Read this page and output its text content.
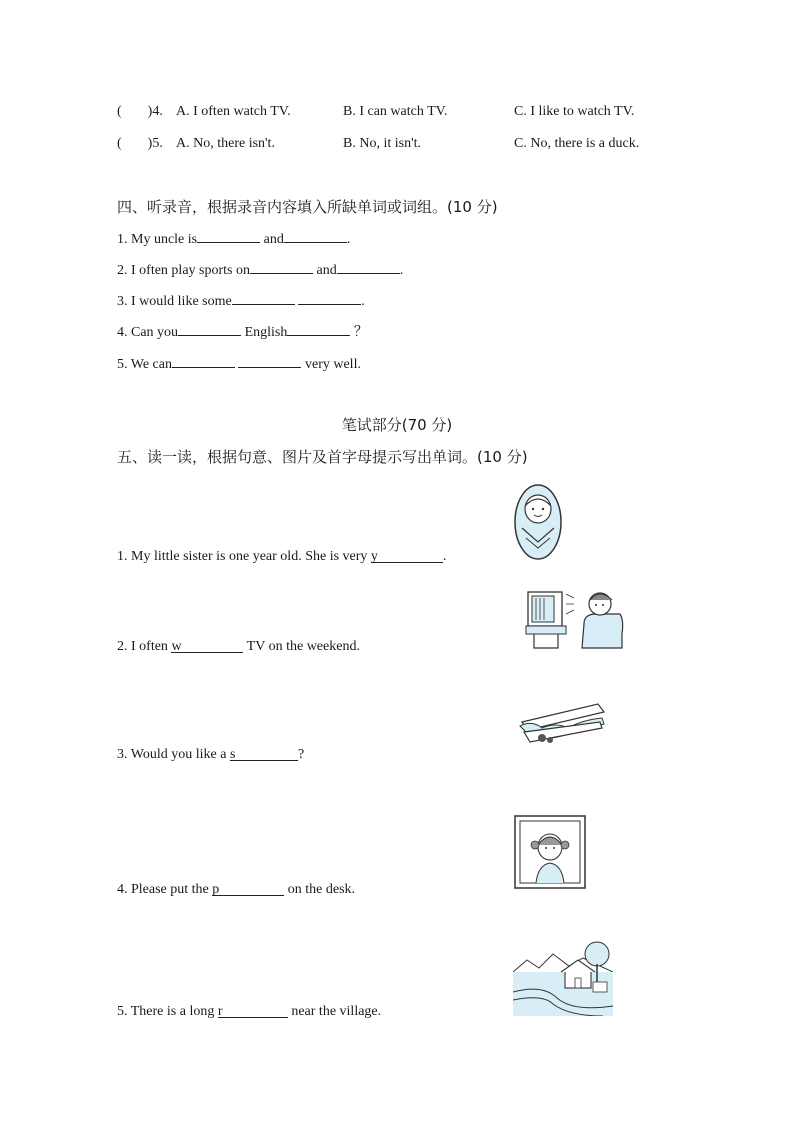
( )4. A. I often watch TV.	B. I can watch TV.	C. I like to watch TV.
( )5. A. No, there isn't.	B. No, it isn't.	C. No, there is a duck.
四、听录音，根据录音内容填入所缺单词或词组。(10 分)
1. My uncle is	and	.
2. I often play sports on	and	.
3. I would like some	.
4. Can you	English	？
5. We can	very well.
笔试部分(70 分)
五、读一读，根据句意、图片及首字母提示写出单词。(10 分)
1. My little sister is one year old. She is very y	.
2. I often w	TV on the weekend.
3. Would you like a s	?
4. Please put the p	on the desk.
5. There is a long r	near the village.
